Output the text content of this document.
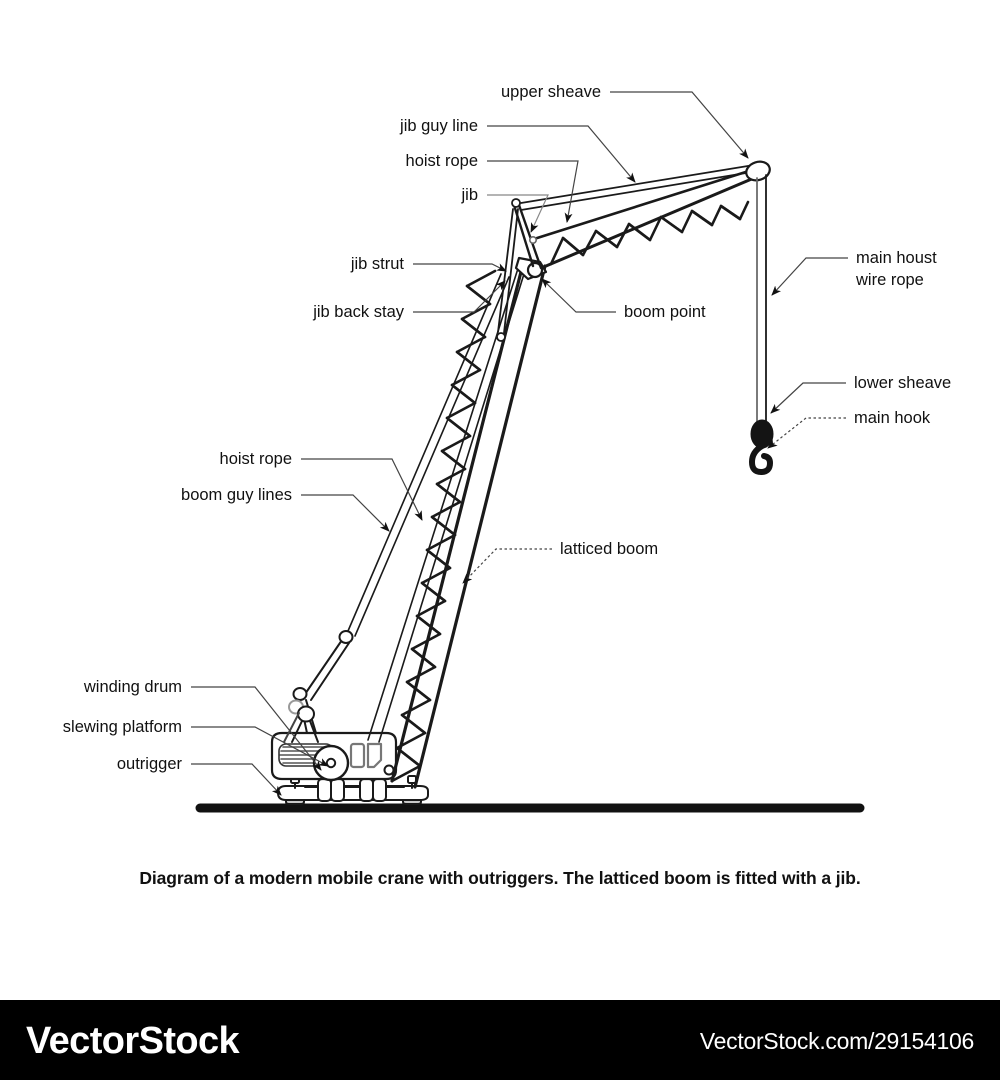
upper sheave
jib guy line
hoist rope
jib
jib strut
jib back stay	boom point
main houst
wire rope
lower sheave
main hook
hoist rope
boom guy lines
latticed boom
winding drum
slewing platform
outrigger
Diagram of a modern mobile crane with outriggers. The latticed boom is fitted with a jib.
VectorStock	VectorStock.com/29154106
